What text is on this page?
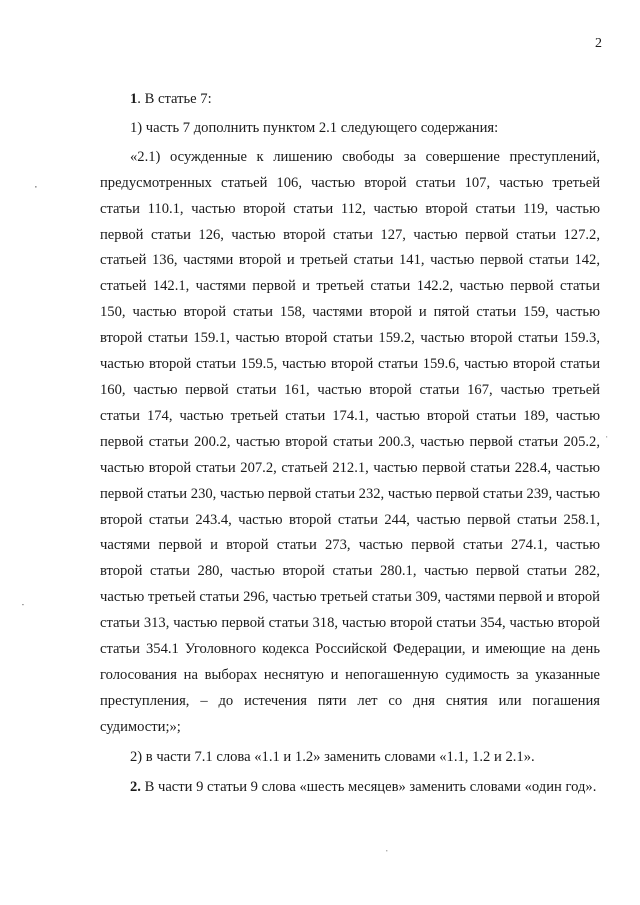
2

1. В статье 7:

1) часть 7 дополнить пунктом 2.1 следующего содержания:

«2.1) осужденные к лишению свободы за совершение преступлений, предусмотренных статьей 106, частью второй статьи 107, частью третьей статьи 110.1, частью второй статьи 112, частью второй статьи 119, частью первой статьи 126, частью второй статьи 127, частью первой статьи 127.2, статьей 136, частями второй и третьей статьи 141, частью первой статьи 142, статьей 142.1, частями первой и третьей статьи 142.2, частью первой статьи 150, частью второй статьи 158, частями второй и пятой статьи 159, частью второй статьи 159.1, частью второй статьи 159.2, частью второй статьи 159.3, частью второй статьи 159.5, частью второй статьи 159.6, частью второй статьи 160, частью первой статьи 161, частью второй статьи 167, частью третьей статьи 174, частью третьей статьи 174.1, частью второй статьи 189, частью первой статьи 200.2, частью второй статьи 200.3, частью первой статьи 205.2, частью второй статьи 207.2, статьей 212.1, частью первой статьи 228.4, частью первой статьи 230, частью первой статьи 232, частью первой статьи 239, частью второй статьи 243.4, частью второй статьи 244, частью первой статьи 258.1, частями первой и второй статьи 273, частью первой статьи 274.1, частью второй статьи 280, частью второй статьи 280.1, частью первой статьи 282, частью третьей статьи 296, частью третьей статьи 309, частями первой и второй статьи 313, частью первой статьи 318, частью второй статьи 354, частью второй статьи 354.1 Уголовного кодекса Российской Федерации, и имеющие на день голосования на выборах неснятую и непогашенную судимость за указанные преступления, – до истечения пяти лет со дня снятия или погашения судимости;»;

2) в части 7.1 слова «1.1 и 1.2» заменить словами «1.1, 1.2 и 2.1».

2. В части 9 статьи 9 слова «шесть месяцев» заменить словами «один год».
